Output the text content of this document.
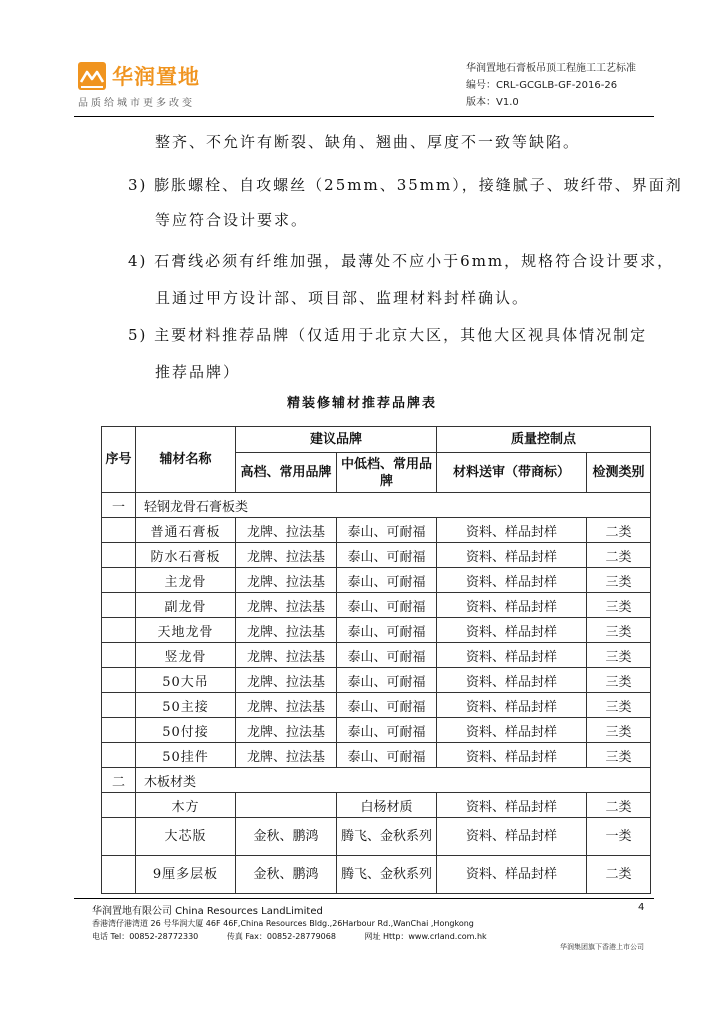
华润置地
品质给城市更多改变
华润置地石膏板吊顶工程施工工艺标准
编号：CRL-GCGLB-GF-2016-26
版本：V1.0
整齐、不允许有断裂、缺角、翘曲、厚度不一致等缺陷。
3) 膨胀螺栓、自攻螺丝（25mm、35mm），接缝腻子、玻纤带、界面剂
等应符合设计要求。
4) 石膏线必须有纤维加强，最薄处不应小于6mm，规格符合设计要求，
且通过甲方设计部、项目部、监理材料封样确认。
5) 主要材料推荐品牌（仅适用于北京大区，其他大区视具体情况制定
推荐品牌）
精装修辅材推荐品牌表
序号	辅材名称	建议品牌		质量控制点	
		高档、常用品牌	中低档、常用品牌	材料送审（带商标）	检测类别
一	轻钢龙骨石膏板类				
	普通石膏板	龙牌、拉法基	泰山、可耐福	资料、样品封样	二类
	防水石膏板	龙牌、拉法基	泰山、可耐福	资料、样品封样	二类
	主龙骨	龙牌、拉法基	泰山、可耐福	资料、样品封样	三类
	副龙骨	龙牌、拉法基	泰山、可耐福	资料、样品封样	三类
	天地龙骨	龙牌、拉法基	泰山、可耐福	资料、样品封样	三类
	竖龙骨	龙牌、拉法基	泰山、可耐福	资料、样品封样	三类
	50大吊	龙牌、拉法基	泰山、可耐福	资料、样品封样	三类
	50主接	龙牌、拉法基	泰山、可耐福	资料、样品封样	三类
	50付接	龙牌、拉法基	泰山、可耐福	资料、样品封样	三类
	50挂件	龙牌、拉法基	泰山、可耐福	资料、样品封样	三类
二	木板材类				
	木方		白杨材质	资料、样品封样	二类
	大芯版	金秋、鹏鸿	腾飞、金秋系列	资料、样品封样	一类
	9厘多层板	金秋、鹏鸿	腾飞、金秋系列	资料、样品封样	二类
华润置地有限公司 China Resources LandLimited	4
香港湾仔港湾道 26 号华润大厦 46F 46F,China Resources Bldg.,26Harbour Rd.,WanChai ,Hongkong
电话 Tel：00852-28772330	传真 Fax：00852-28779068	网址 Http：www.crland.com.hk
华润集团旗下香港上市公司
